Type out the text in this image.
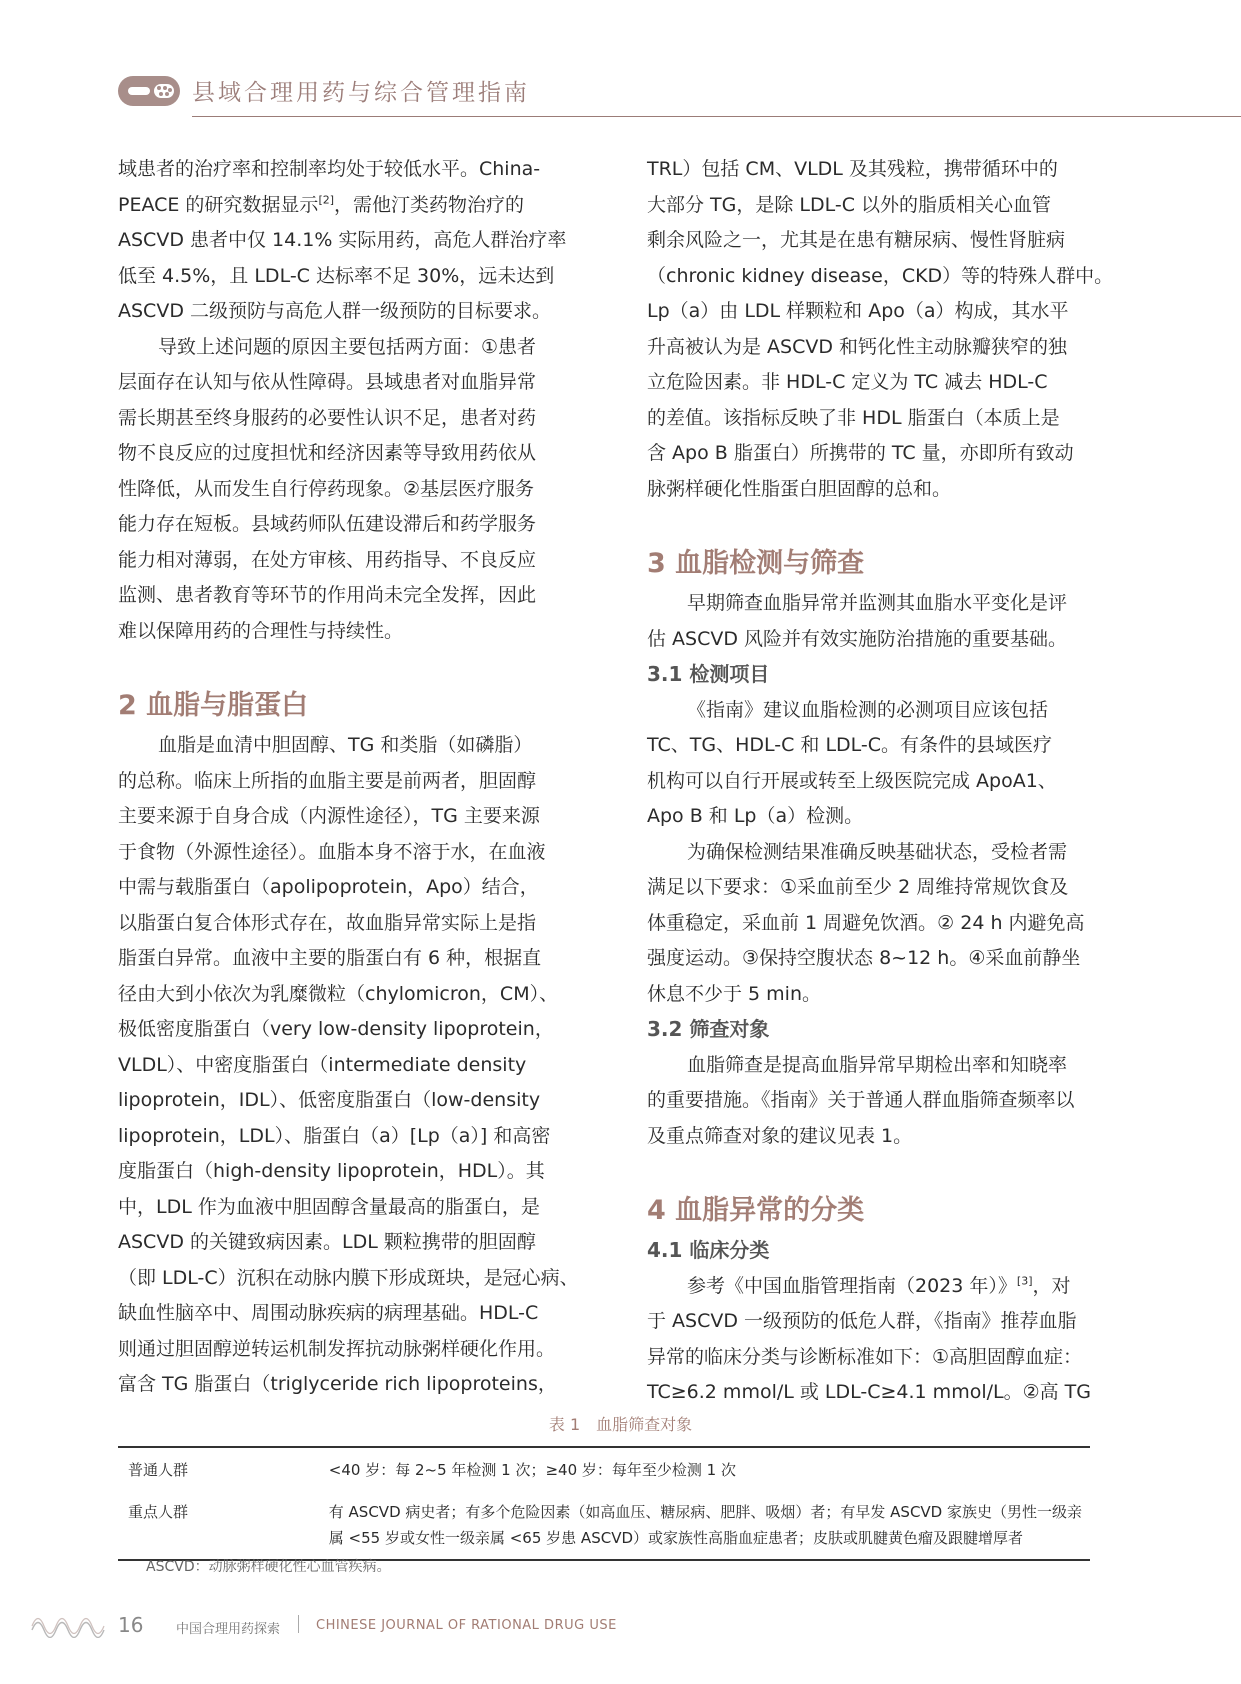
县域合理用药与综合管理指南

域患者的治疗率和控制率均处于较低水平。China-

PEACE 的研究数据显示[2]，需他汀类药物治疗的

ASCVD 患者中仅 14.1% 实际用药，高危人群治疗率

低至 4.5%，且 LDL-C 达标率不足 30%，远未达到

ASCVD 二级预防与高危人群一级预防的目标要求。

导致上述问题的原因主要包括两方面：①患者

层面存在认知与依从性障碍。县域患者对血脂异常

需长期甚至终身服药的必要性认识不足，患者对药

物不良反应的过度担忧和经济因素等导致用药依从

性降低，从而发生自行停药现象。②基层医疗服务

能力存在短板。县域药师队伍建设滞后和药学服务

能力相对薄弱，在处方审核、用药指导、不良反应

监测、患者教育等环节的作用尚未完全发挥，因此

难以保障用药的合理性与持续性。

2 血脂与脂蛋白

血脂是血清中胆固醇、TG 和类脂（如磷脂）

的总称。临床上所指的血脂主要是前两者，胆固醇

主要来源于自身合成（内源性途径），TG 主要来源

于食物（外源性途径）。血脂本身不溶于水，在血液

中需与载脂蛋白（apolipoprotein，Apo）结合，

以脂蛋白复合体形式存在，故血脂异常实际上是指

脂蛋白异常。血液中主要的脂蛋白有 6 种，根据直

径由大到小依次为乳糜微粒（chylomicron，CM）、

极低密度脂蛋白（very low-density lipoprotein，

VLDL）、中密度脂蛋白（intermediate density

lipoprotein，IDL）、低密度脂蛋白（low-density

lipoprotein，LDL）、脂蛋白（a）[Lp（a）] 和高密

度脂蛋白（high-density lipoprotein，HDL）。其

中，LDL 作为血液中胆固醇含量最高的脂蛋白，是

ASCVD 的关键致病因素。LDL 颗粒携带的胆固醇

（即 LDL-C）沉积在动脉内膜下形成斑块，是冠心病、

缺血性脑卒中、周围动脉疾病的病理基础。HDL-C

则通过胆固醇逆转运机制发挥抗动脉粥样硬化作用。

富含 TG 脂蛋白（triglyceride rich lipoproteins，

TRL）包括 CM、VLDL 及其残粒，携带循环中的

大部分 TG，是除 LDL-C 以外的脂质相关心血管

剩余风险之一，尤其是在患有糖尿病、慢性肾脏病

（chronic kidney disease，CKD）等的特殊人群中。

Lp（a）由 LDL 样颗粒和 Apo（a）构成，其水平

升高被认为是 ASCVD 和钙化性主动脉瓣狭窄的独

立危险因素。非 HDL-C 定义为 TC 减去 HDL-C

的差值。该指标反映了非 HDL 脂蛋白（本质上是

含 Apo B 脂蛋白）所携带的 TC 量，亦即所有致动

脉粥样硬化性脂蛋白胆固醇的总和。

3 血脂检测与筛查

早期筛查血脂异常并监测其血脂水平变化是评

估 ASCVD 风险并有效实施防治措施的重要基础。

3.1 检测项目

《指南》建议血脂检测的必测项目应该包括

TC、TG、HDL-C 和 LDL-C。有条件的县域医疗

机构可以自行开展或转至上级医院完成 ApoA1、

Apo B 和 Lp（a）检测。

为确保检测结果准确反映基础状态，受检者需

满足以下要求：①采血前至少 2 周维持常规饮食及

体重稳定，采血前 1 周避免饮酒。② 24 h 内避免高

强度运动。③保持空腹状态 8~12 h。④采血前静坐

休息不少于 5 min。

3.2 筛查对象

血脂筛查是提高血脂异常早期检出率和知晓率

的重要措施。《指南》关于普通人群血脂筛查频率以

及重点筛查对象的建议见表 1。

4 血脂异常的分类
4.1 临床分类

参考《中国血脂管理指南（2023 年）》[3]，对

于 ASCVD 一级预防的低危人群，《指南》推荐血脂

异常的临床分类与诊断标准如下：①高胆固醇血症：

TC≥6.2 mmol/L 或 LDL-C≥4.1 mmol/L。②高 TG

表 1　血脂筛查对象
普通人群	<40 岁：每 2~5 年检测 1 次；≥40 岁：每年至少检测 1 次

重点人群	有 ASCVD 病史者；有多个危险因素（如高血压、糖尿病、肥胖、吸烟）者；有早发 ASCVD 家族史（男性一级亲
属 <55 岁或女性一级亲属 <65 岁患 ASCVD）或家族性高脂血症患者；皮肤或肌腱黄色瘤及跟腱增厚者
ASCVD：动脉粥样硬化性心血管疾病。
16	中国合理用药探索	CHINESE JOURNAL OF RATIONAL DRUG USE
